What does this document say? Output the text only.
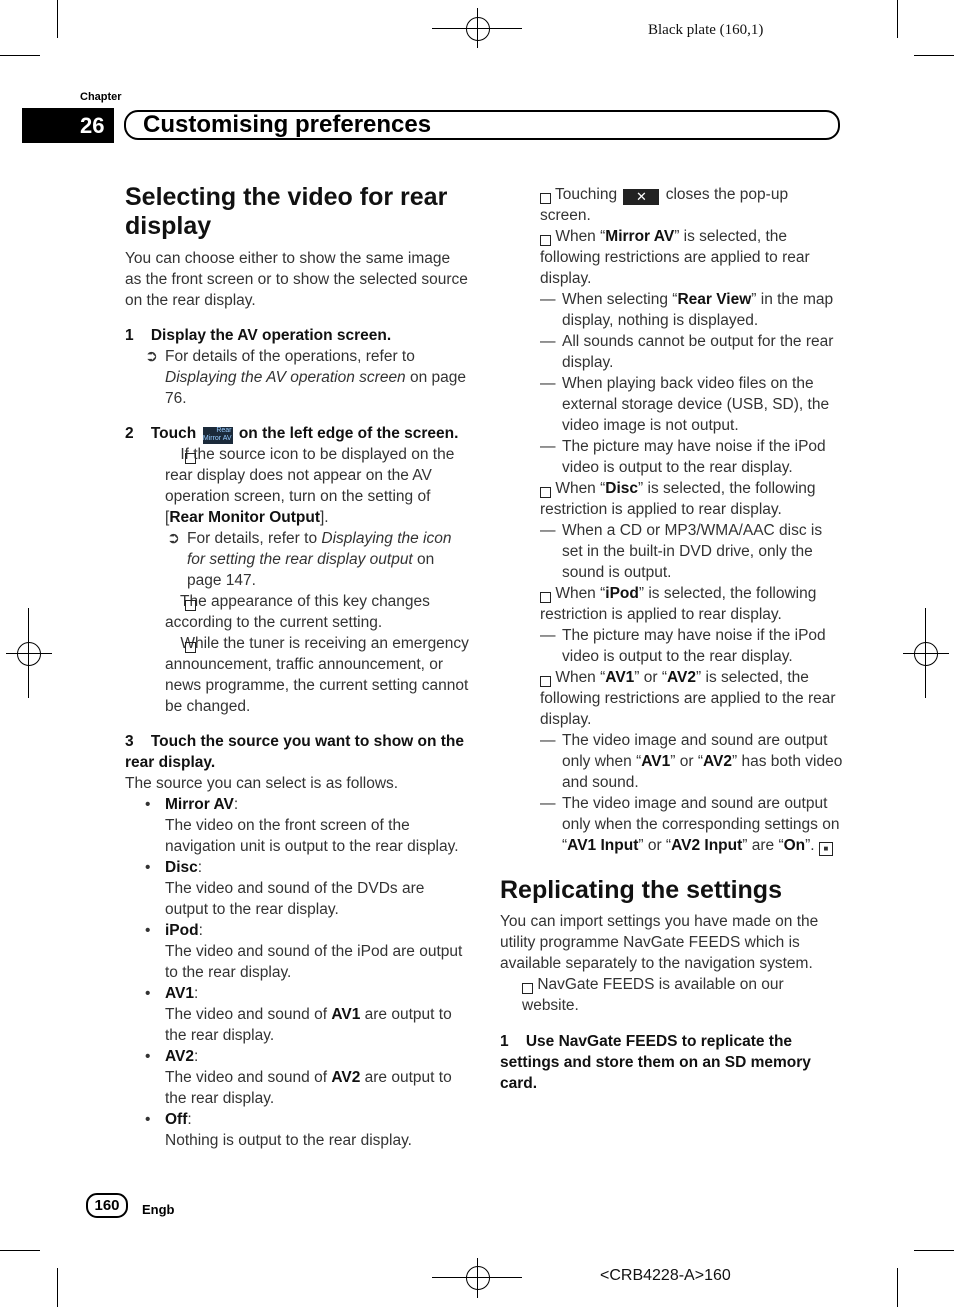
Black plate (160,1)
Chapter
26	Customising preferences
Selecting the video for rear display
You can choose either to show the same image as the front screen or to show the selected source on the rear display.
1 Display the AV operation screen.
➲ For details of the operations, refer to Displaying the AV operation screen on page 76.
2 Touch	Rear Mirror AV on the left edge of the screen.
If the source icon to be displayed on the rear display does not appear on the AV operation screen, turn on the setting of [Rear Monitor Output].
➲ For details, refer to Displaying the icon for setting the rear display output on page 147.
The appearance of this key changes according to the current setting.
While the tuner is receiving an emergency announcement, traffic announcement, or news programme, the current setting cannot be changed.
3 Touch the source you want to show on the rear display.
The source you can select is as follows.
• Mirror AV:
The video on the front screen of the navigation unit is output to the rear display.
• Disc:
The video and sound of the DVDs are output to the rear display.
• iPod:
The video and sound of the iPod are output to the rear display.
• AV1:
The video and sound of AV1 are output to the rear display.
• AV2:
The video and sound of AV2 are output to the rear display.
• Off:
Nothing is output to the rear display.
Touching ✕ closes the pop-up screen.
When “Mirror AV” is selected, the following restrictions are applied to rear display.
— When selecting “Rear View” in the map display, nothing is displayed.
— All sounds cannot be output for the rear display.
— When playing back video files on the external storage device (USB, SD), the video image is not output.
— The picture may have noise if the iPod video is output to the rear display.
When “Disc” is selected, the following restriction is applied to rear display.
— When a CD or MP3/WMA/AAC disc is set in the built-in DVD drive, only the sound is output.
When “iPod” is selected, the following restriction is applied to rear display.
— The picture may have noise if the iPod video is output to the rear display.
When “AV1” or “AV2” is selected, the following restrictions are applied to the rear display.
— The video image and sound are output only when “AV1” or “AV2” has both video and sound.
— The video image and sound are output only when the corresponding settings on “AV1 Input” or “AV2 Input” are “On”. ■
Replicating the settings
You can import settings you have made on the utility programme NavGate FEEDS which is available separately to the navigation system.
NavGate FEEDS is available on our website.
1 Use NavGate FEEDS to replicate the settings and store them on an SD memory card.
160	Engb
<CRB4228-A>160
